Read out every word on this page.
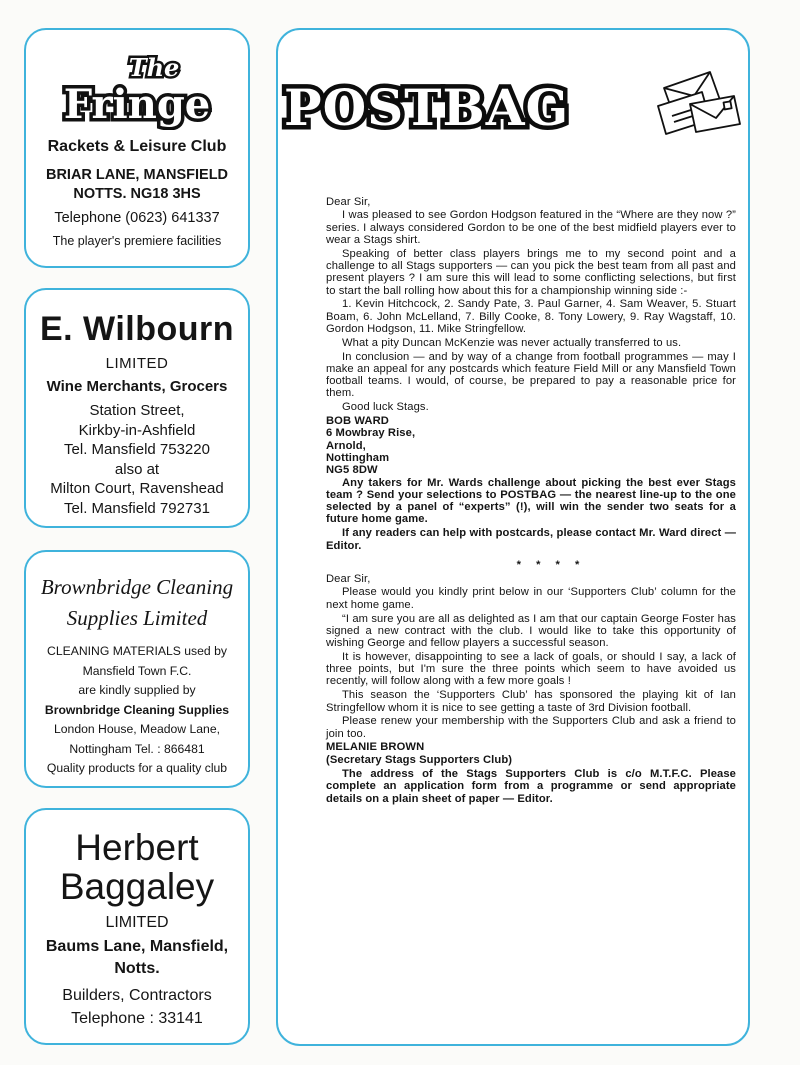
The
Fringe
Rackets & Leisure Club
BRIAR LANE, MANSFIELD
NOTTS. NG18 3HS
Telephone (0623) 641337
The player's premiere facilities
E. Wilbourn
LIMITED
Wine Merchants, Grocers
Station Street,
Kirkby-in-Ashfield
Tel. Mansfield 753220
also at
Milton Court, Ravenshead
Tel. Mansfield 792731
Brownbridge Cleaning
Supplies Limited
CLEANING MATERIALS used by
Mansfield Town F.C.
are kindly supplied by
Brownbridge Cleaning Supplies
London House, Meadow Lane,
Nottingham Tel. : 866481
Quality products for a quality club
Herbert
Baggaley
LIMITED
Baums Lane, Mansfield,
Notts.
Builders, Contractors
Telephone : 33141
POSTBAG

Dear Sir,

I was pleased to see Gordon Hodgson featured in the “Where are they now ?” series. I always considered Gordon to be one of the best midfield players ever to wear a Stags shirt.

Speaking of better class players brings me to my second point and a challenge to all Stags supporters — can you pick the best team from all past and present players ? I am sure this will lead to some conflicting selections, but first to start the ball rolling how about this for a championship winning side :-

1. Kevin Hitchcock, 2. Sandy Pate, 3. Paul Garner, 4. Sam Weaver, 5. Stuart Boam, 6. John McLelland, 7. Billy Cooke, 8. Tony Lowery, 9. Ray Wagstaff, 10. Gordon Hodgson, 11. Mike Stringfellow.

What a pity Duncan McKenzie was never actually transferred to us.

In conclusion — and by way of a change from football programmes — may I make an appeal for any postcards which feature Field Mill or any Mansfield Town football teams. I would, of course, be prepared to pay a reasonable price for them.

Good luck Stags.

BOB WARD

6 Mowbray Rise,

Arnold,

Nottingham

NG5 8DW

Any takers for Mr. Wards challenge about picking the best ever Stags team ? Send your selections to POSTBAG — the nearest line-up to the one selected by a panel of “experts” (!), will win the sender two seats for a future home game.

If any readers can help with postcards, please contact Mr. Ward direct — Editor.

* * * *

Dear Sir,

Please would you kindly print below in our ‘Supporters Club’ column for the next home game.

“I am sure you are all as delighted as I am that our captain George Foster has signed a new contract with the club. I would like to take this opportunity of wishing George and fellow players a successful season.

It is however, disappointing to see a lack of goals, or should I say, a lack of three points, but I'm sure the three points which seem to have avoided us recently, will follow along with a few more goals !

This season the ‘Supporters Club’ has sponsored the playing kit of Ian Stringfellow whom it is nice to see getting a taste of 3rd Division football.

Please renew your membership with the Supporters Club and ask a friend to join too.

MELANIE BROWN

(Secretary Stags Supporters Club)

The address of the Stags Supporters Club is c/o M.T.F.C. Please complete an application form from a programme or send appropriate details on a plain sheet of paper — Editor.
